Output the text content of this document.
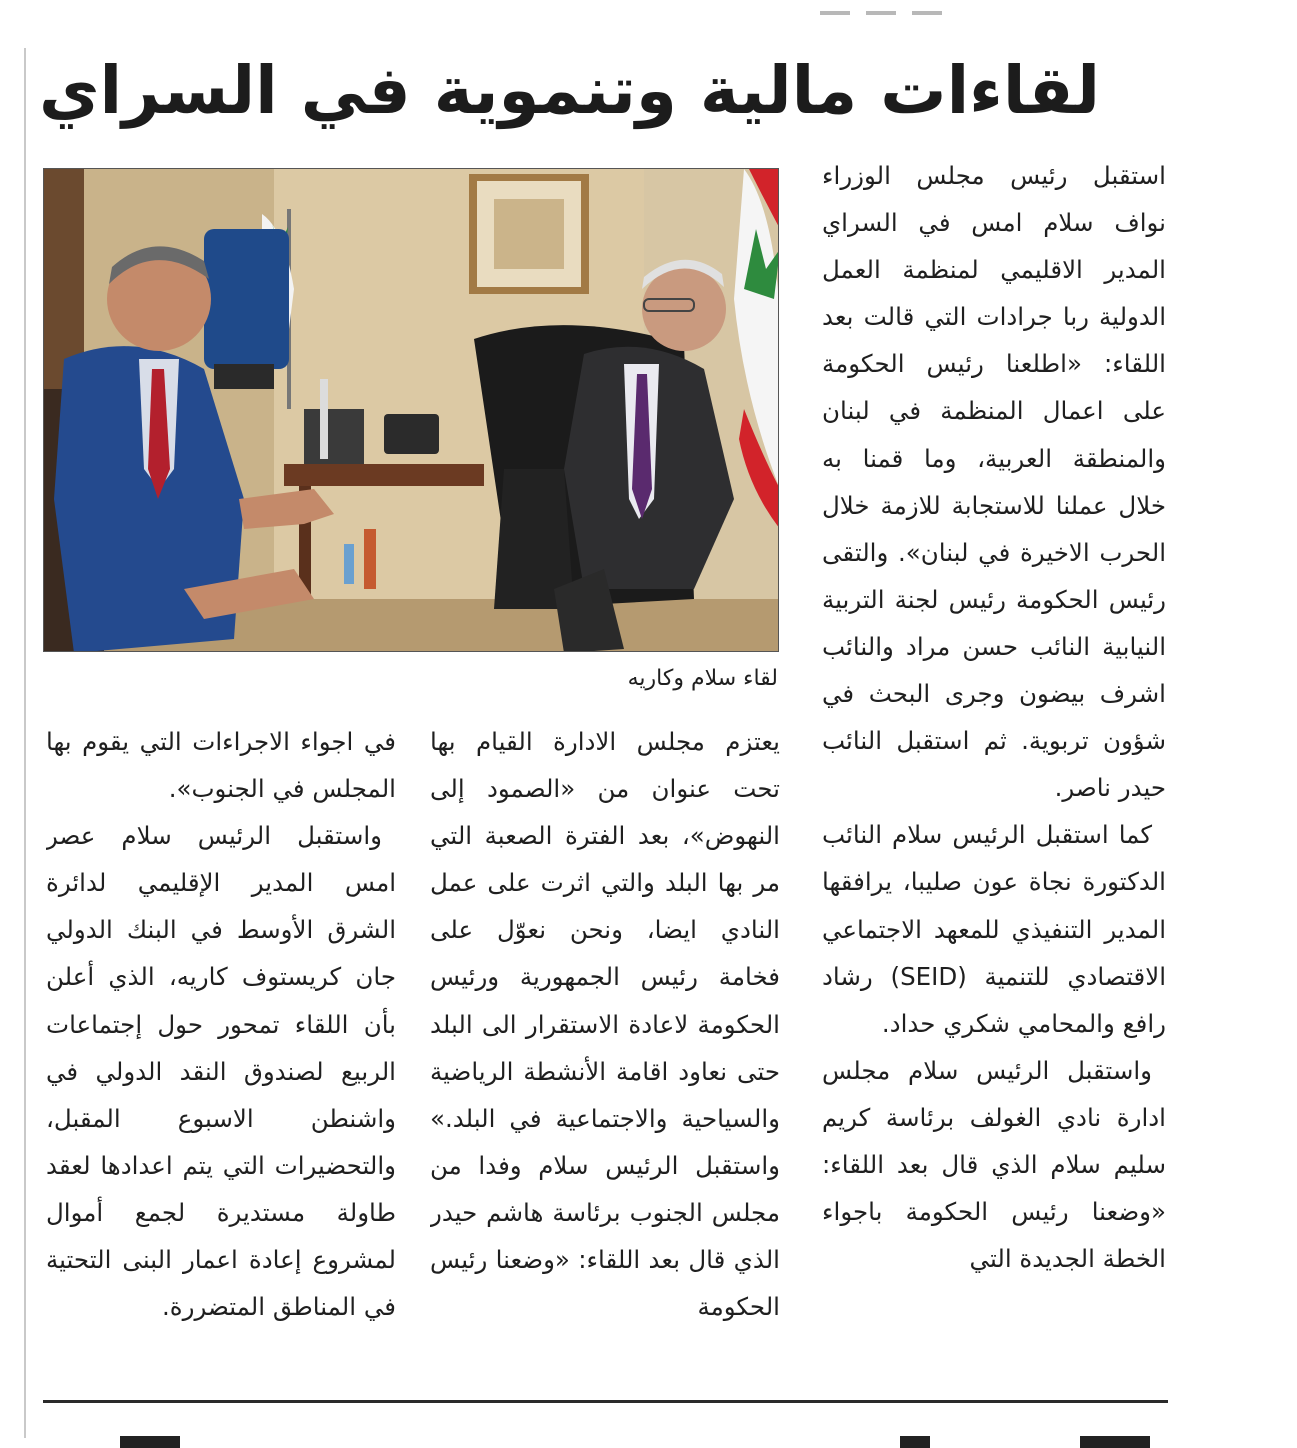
لقاءات مالية وتنموية في السراي
لقاء سلام وكاريه

استقبل رئيس مجلس الوزراء نواف سلام امس في السراي المدير الاقليمي لمنظمة العمل الدولية ربا جرادات التي قالت بعد اللقاء: «اطلعنا رئيس الحكومة على اعمال المنظمة في لبنان والمنطقة العربية، وما قمنا به خلال عملنا للاستجابة للازمة خلال الحرب الاخيرة في لبنان». والتقى رئيس الحكومة رئيس لجنة التربية النيابية النائب حسن مراد والنائب اشرف بيضون وجرى البحث في شؤون تربوية. ثم استقبل النائب حيدر ناصر.

كما استقبل الرئيس سلام النائب الدكتورة نجاة عون صليبا، يرافقها المدير التنفيذي للمعهد الاجتماعي الاقتصادي للتنمية (SEID) رشاد رافع والمحامي شكري حداد.

واستقبل الرئيس سلام مجلس ادارة نادي الغولف برئاسة كريم سليم سلام الذي قال بعد اللقاء: «وضعنا رئيس الحكومة باجواء الخطة الجديدة التي

يعتزم مجلس الادارة القيام بها تحت عنوان من «الصمود إلى النهوض»، بعد الفترة الصعبة التي مر بها البلد والتي اثرت على عمل النادي ايضا، ونحن نعوّل على فخامة رئيس الجمهورية ورئيس الحكومة لاعادة الاستقرار الى البلد حتى نعاود اقامة الأنشطة الرياضية والسياحية والاجتماعية في البلد.» واستقبل الرئيس سلام وفدا من مجلس الجنوب برئاسة هاشم حيدر الذي قال بعد اللقاء: «وضعنا رئيس الحكومة

في اجواء الاجراءات التي يقوم بها المجلس في الجنوب».

واستقبل الرئيس سلام عصر امس المدير الإقليمي لدائرة الشرق الأوسط في البنك الدولي جان كريستوف كاريه، الذي أعلن بأن اللقاء تمحور حول إجتماعات الربيع لصندوق النقد الدولي في واشنطن الاسبوع المقبل، والتحضيرات التي يتم اعدادها لعقد طاولة مستديرة لجمع أموال لمشروع إعادة اعمار البنى التحتية في المناطق المتضررة.
